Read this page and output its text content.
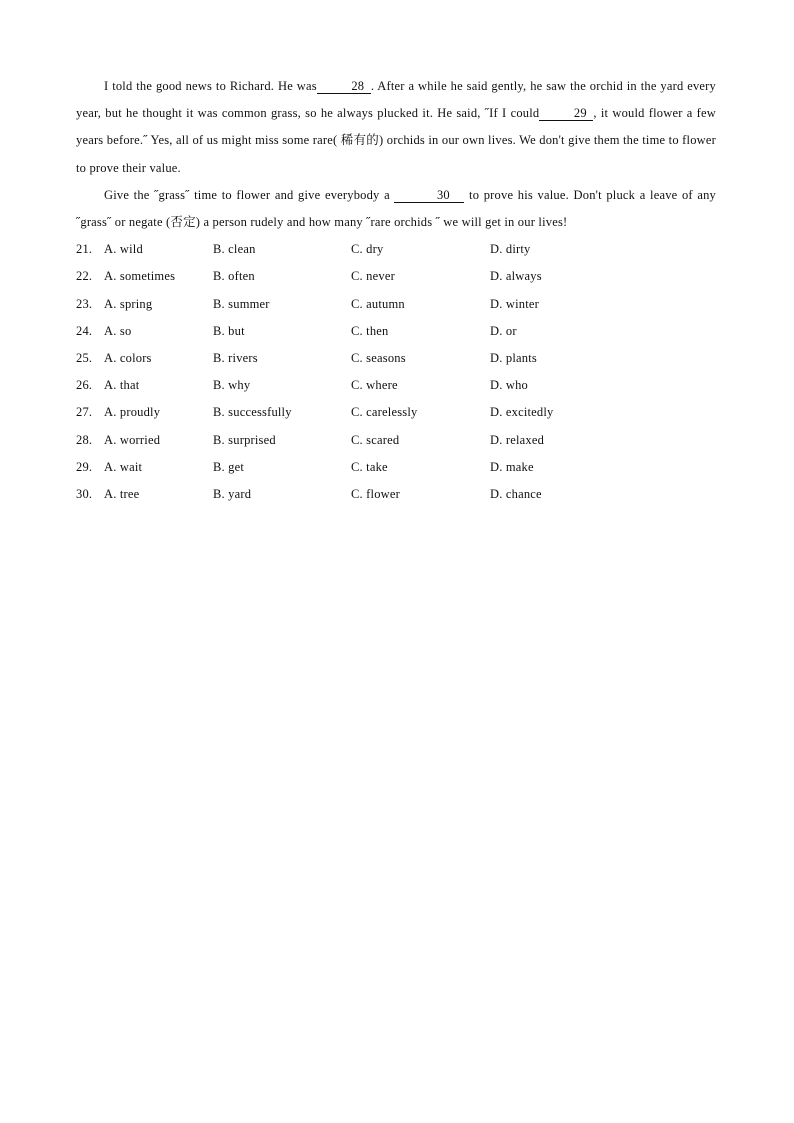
I told the good news to Richard. He was	28 . After a while he said gently, he saw the orchid in the yard every year, but he thought it was common grass, so he always plucked it. He said, ˝If I could	29 , it would flower a few years before.˝ Yes, all of us might miss some rare( 稀有的) orchids in our own lives. We don't give them the time to flower to prove their value.

Give the ˝grass˝ time to flower and give everybody a	30 to prove his value. Don't pluck a leave of any ˝grass˝ or negate (否定) a person rudely and how many ˝rare orchids ˝ we will get in our lives!

21. A. wild	B. clean	C. dry	D. dirty
22. A. sometimes	B. often	C. never	D. always
23. A. spring	B. summer	C. autumn	D. winter
24. A. so	B. but	C. then	D. or
25. A. colors	B. rivers	C. seasons	D. plants
26. A. that	B. why	C. where	D. who
27. A. proudly	B. successfully	C. carelessly	D. excitedly
28. A. worried	B. surprised	C. scared	D. relaxed
29. A. wait	B. get	C. take	D. make
30. A. tree	B. yard	C. flower	D. chance
